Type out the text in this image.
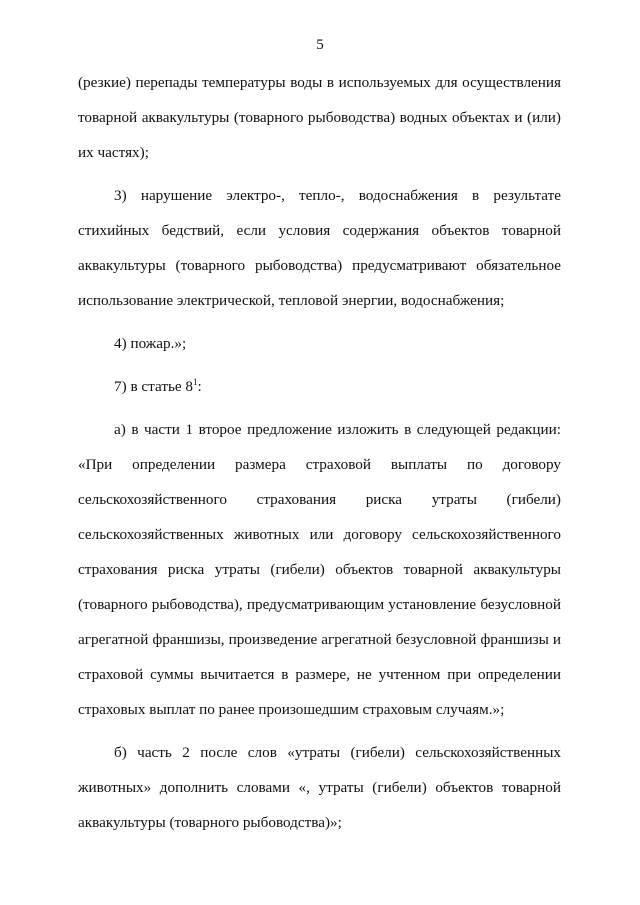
5
(резкие) перепады температуры воды в используемых для осуществления
товарной аквакультуры (товарного рыбоводства) водных объектах и (или)
их частях);
3) нарушение электро-, тепло-, водоснабжения в результате
стихийных бедствий, если условия содержания объектов товарной
аквакультуры (товарного рыбоводства) предусматривают обязательное
использование электрической, тепловой энергии, водоснабжения;
4) пожар.»;
7) в статье $8^1$:
а) в части 1 второе предложение изложить в следующей редакции:
«При определении размера страховой выплаты по договору
сельскохозяйственного страхования риска утраты (гибели)
сельскохозяйственных животных или договору сельскохозяйственного
страхования риска утраты (гибели) объектов товарной аквакультуры
(товарного рыбоводства), предусматривающим установление безусловной
агрегатной франшизы, произведение агрегатной безусловной франшизы и
страховой суммы вычитается в размере, не учтенном при определении
страховых выплат по ранее произошедшим страховым случаям.»;
б) часть 2 после слов «утраты (гибели) сельскохозяйственных
животных» дополнить словами «, утраты (гибели) объектов товарной
аквакультуры (товарного рыбоводства)»;
